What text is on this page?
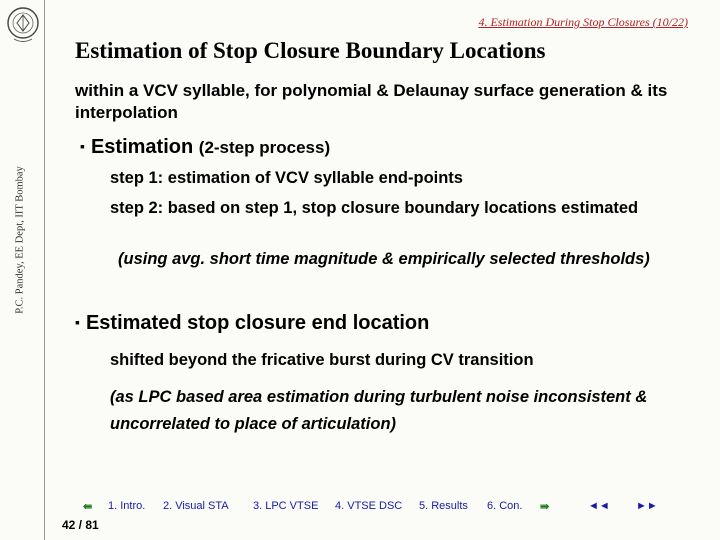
P.C. Pandey, EE Dept, IIT Bombay
4. Estimation During Stop Closures (10/22)
Estimation of Stop Closure Boundary Locations
within a VCV syllable, for polynomial & Delaunay surface generation & its interpolation
▪ Estimation (2-step process)
step 1: estimation of VCV syllable end-points
step 2: based on step 1, stop closure boundary locations estimated
(using avg. short time magnitude & empirically selected thresholds)
▪ Estimated stop closure end location
shifted beyond the fricative burst during CV transition
(as LPC based area estimation during turbulent noise inconsistent & uncorrelated to place of articulation)
⇚ 1. Intro. 2. Visual STA 3. LPC VTSE 4. VTSE DSC 5. Results 6. Con. ⇛	◄◄ ►►
42 / 81
